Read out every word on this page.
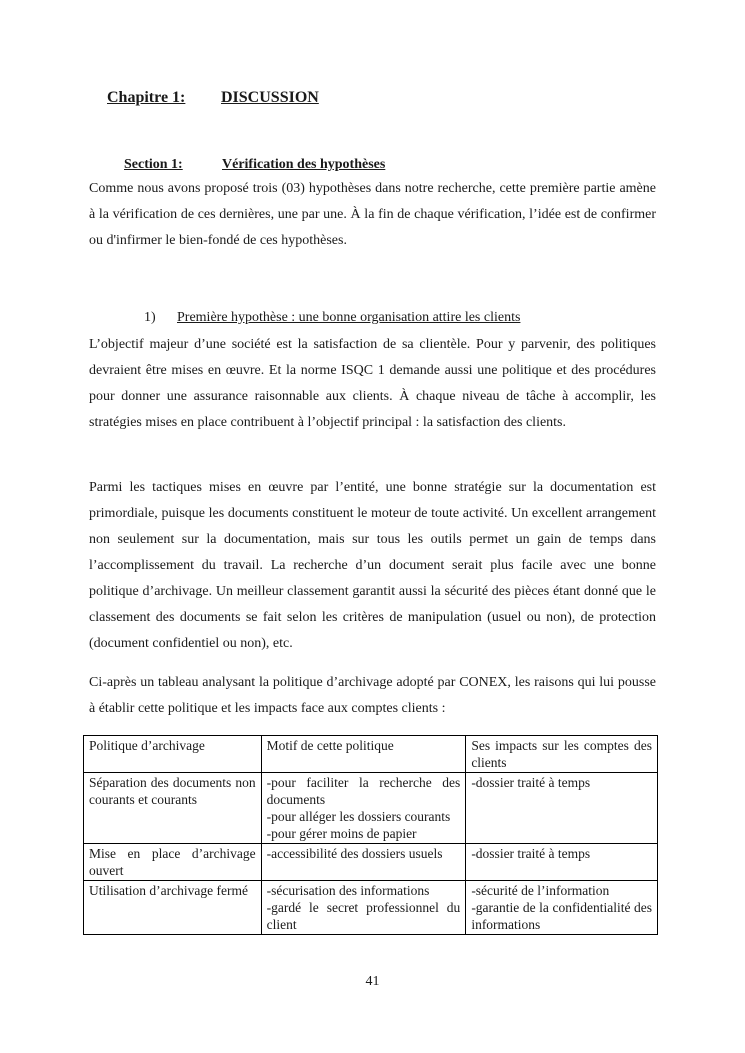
Chapitre 1: DISCUSSION
Section 1:	Vérification des hypothèses

Comme nous avons proposé trois (03) hypothèses dans notre recherche, cette première partie amène à la vérification de ces dernières, une par une. À la fin de chaque vérification, l’idée est de confirmer ou d'infirmer le bien-fondé de ces hypothèses.

1) Première hypothèse : une bonne organisation attire les clients

L’objectif majeur d’une société est la satisfaction de sa clientèle. Pour y parvenir, des politiques devraient être mises en œuvre. Et la norme ISQC 1 demande aussi une politique et des procédures pour donner une assurance raisonnable aux clients. À chaque niveau de tâche à accomplir, les stratégies mises en place contribuent à l’objectif principal : la satisfaction des clients.

Parmi les tactiques mises en œuvre par l’entité, une bonne stratégie sur la documentation est primordiale, puisque les documents constituent le moteur de toute activité. Un excellent arrangement non seulement sur la documentation, mais sur tous les outils permet un gain de temps dans l’accomplissement du travail. La recherche d’un document serait plus facile avec une bonne politique d’archivage. Un meilleur classement garantit aussi la sécurité des pièces étant donné que le classement des documents se fait selon les critères de manipulation (usuel ou non), de protection (document confidentiel ou non), etc.

Ci-après un tableau analysant la politique d’archivage adopté par CONEX, les raisons qui lui pousse à établir cette politique et les impacts face aux comptes clients :

Politique d’archivage	Motif de cette politique	Ses impacts sur les comptes des clients
Séparation des documents non courants et courants	-pour faciliter la recherche des documents
-pour alléger les dossiers courants
-pour gérer moins de papier	-dossier traité à temps

Mise en place d’archivage ouvert	-accessibilité des dossiers usuels	-dossier traité à temps

Utilisation d’archivage fermé	-sécurisation des informations
-gardé le secret professionnel du client	-sécurité de l’information
-garantie de la confidentialité des informations
41
